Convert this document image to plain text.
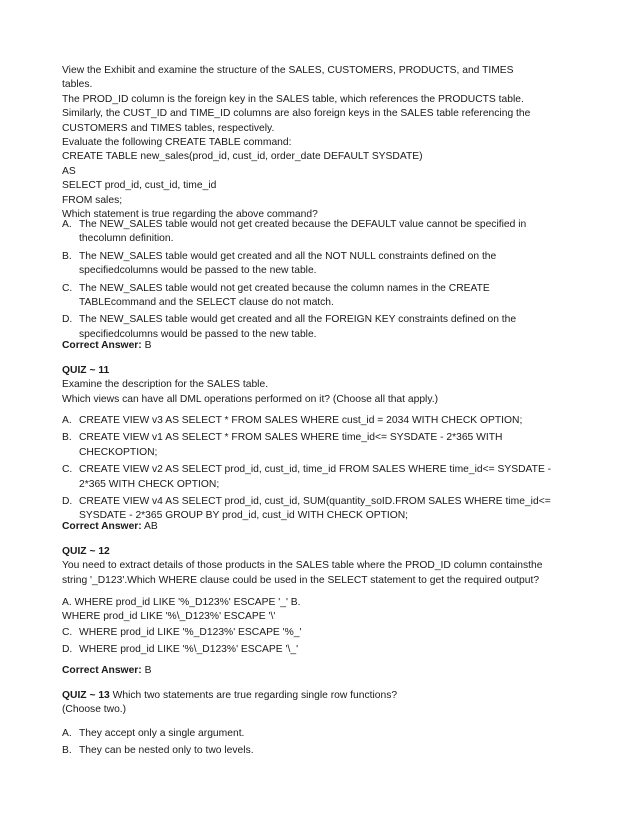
View the Exhibit and examine the structure of the SALES, CUSTOMERS, PRODUCTS, and TIMES
tables.
The PROD_ID column is the foreign key in the SALES table, which references the PRODUCTS table.
Similarly, the CUST_ID and TIME_ID columns are also foreign keys in the SALES table referencing the
CUSTOMERS and TIMES tables, respectively.
Evaluate the following CREATE TABLE command:
CREATE TABLE new_sales(prod_id, cust_id, order_date DEFAULT SYSDATE)
AS
SELECT prod_id, cust_id, time_id
FROM sales;
Which statement is true regarding the above command?
A. The NEW_SALES table would not get created because the DEFAULT value cannot be specified in
thecolumn definition.
B. The NEW_SALES table would get created and all the NOT NULL constraints defined on the
specifiedcolumns would be passed to the new table.
C. The NEW_SALES table would not get created because the column names in the CREATE
TABLEcommand and the SELECT clause do not match.
D. The NEW_SALES table would get created and all the FOREIGN KEY constraints defined on the
specifiedcolumns would be passed to the new table.
Correct Answer: B
QUIZ ~ 11
Examine the description for the SALES table.
Which views can have all DML operations performed on it? (Choose all that apply.)
A. CREATE VIEW v3 AS SELECT * FROM SALES WHERE cust_id = 2034 WITH CHECK OPTION;
B. CREATE VIEW v1 AS SELECT * FROM SALES WHERE time_id<= SYSDATE - 2*365 WITH
CHECKOPTION;
C. CREATE VIEW v2 AS SELECT prod_id, cust_id, time_id FROM SALES WHERE time_id<= SYSDATE -
2*365 WITH CHECK OPTION;
D. CREATE VIEW v4 AS SELECT prod_id, cust_id, SUM(quantity_soID.FROM SALES WHERE time_id<=
SYSDATE - 2*365 GROUP BY prod_id, cust_id WITH CHECK OPTION;
Correct Answer: AB
QUIZ ~ 12
You need to extract details of those products in the SALES table where the PROD_ID column containsthe
string '_D123'.Which WHERE clause could be used in the SELECT statement to get the required output?
A. WHERE prod_id LIKE '%_D123%' ESCAPE '_' B.
WHERE prod_id LIKE '%\_D123%' ESCAPE '\'
C. WHERE prod_id LIKE '%_D123%' ESCAPE '%_'
D. WHERE prod_id LIKE '%\_D123%' ESCAPE '\_'
Correct Answer: B
QUIZ ~ 13 Which two statements are true regarding single row functions?
(Choose two.)
A. They accept only a single argument.
B. They can be nested only to two levels.
